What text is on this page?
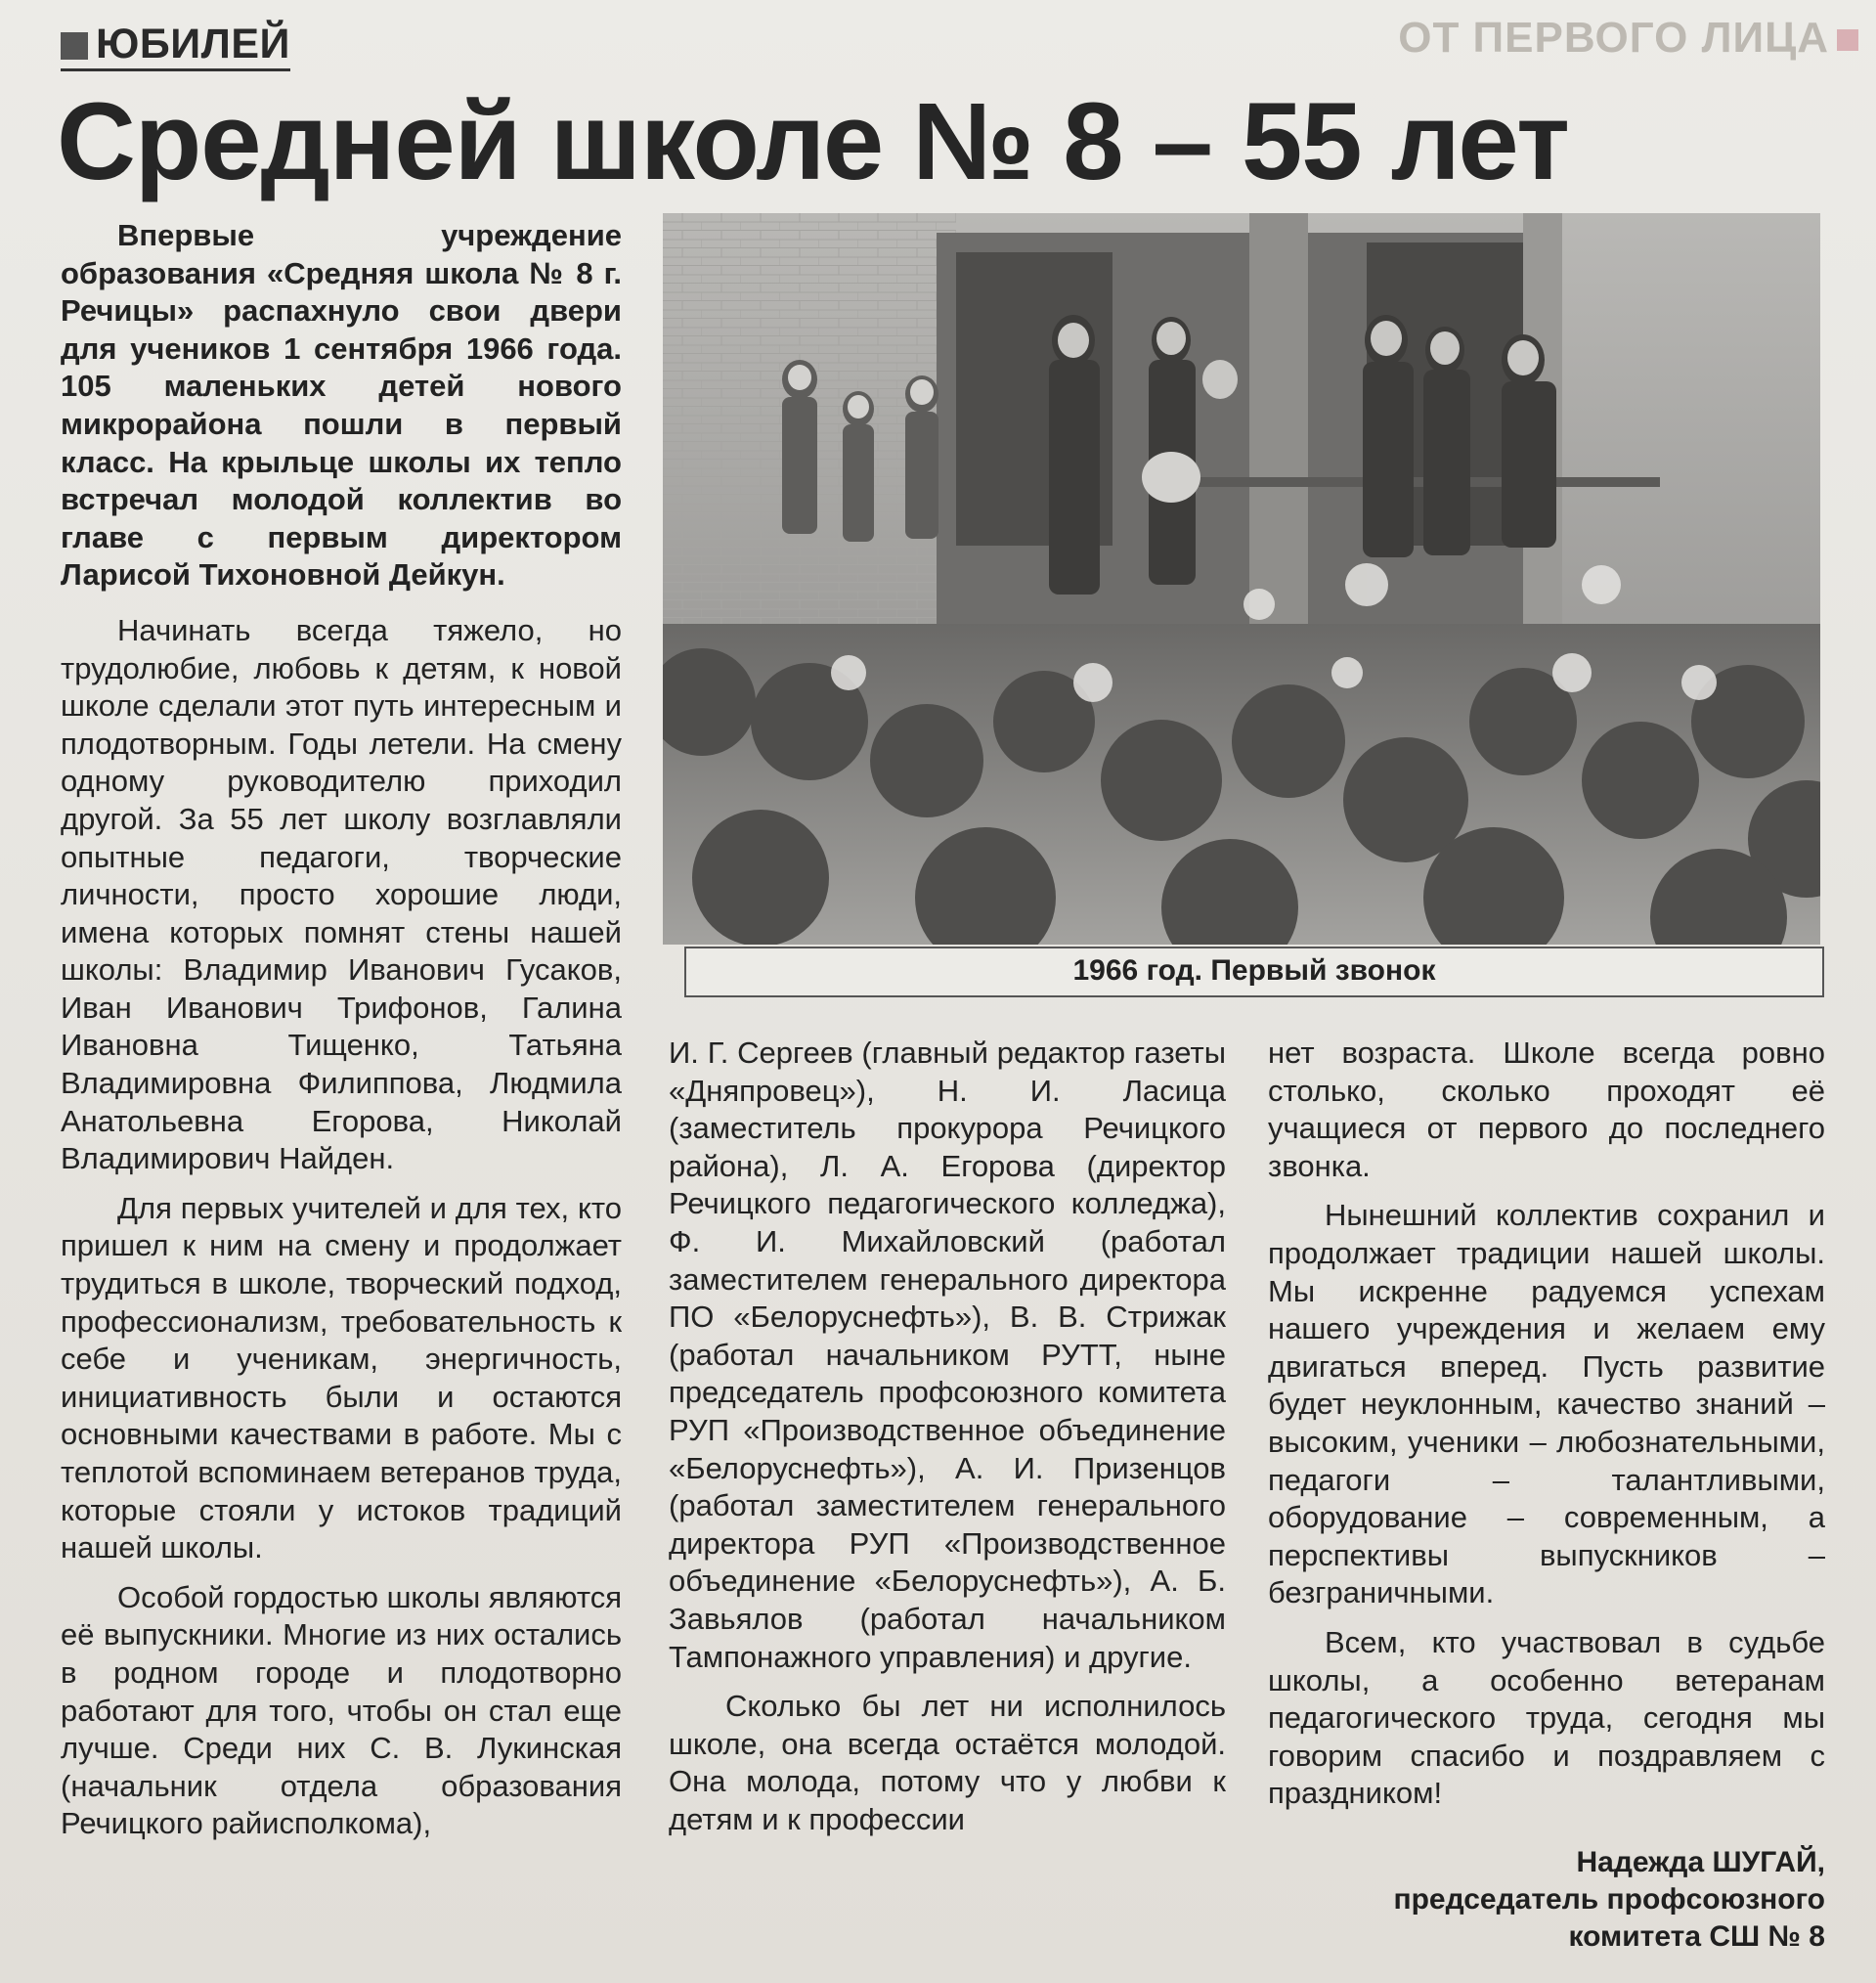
ОТ ПЕРВОГО ЛИЦА
ЮБИЛЕЙ
Средней школе № 8 – 55 лет

Впервые учреждение образования «Средняя школа № 8 г. Речицы» распахнуло свои двери для учеников 1 сентября 1966 года. 105 маленьких детей нового микрорайона пошли в первый класс. На крыльце школы их тепло встречал молодой коллектив во главе с первым директором Ларисой Тихоновной Дейкун.

Начинать всегда тяжело, но трудолюбие, любовь к детям, к новой школе сделали этот путь интересным и плодотворным. Годы летели. На смену одному руководителю приходил другой. За 55 лет школу возглавляли опытные педагоги, творческие личности, просто хорошие люди, имена которых помнят стены нашей школы: Владимир Иванович Гусаков, Иван Иванович Трифонов, Галина Ивановна Тищенко, Татьяна Владимировна Филиппова, Людмила Анатольевна Егорова, Николай Владимирович Найден.

Для первых учителей и для тех, кто пришел к ним на смену и продолжает трудиться в школе, творческий подход, профессионализм, требовательность к себе и ученикам, энергичность, инициативность были и остаются основными качествами в работе. Мы с теплотой вспоминаем ветеранов труда, которые стояли у истоков традиций нашей школы.

Особой гордостью школы являются её выпускники. Многие из них остались в родном городе и плодотворно работают для того, чтобы он стал еще лучше. Среди них С. В. Лукинская (начальник отдела образования Речицкого райисполкома),

1966 год. Первый звонок

И. Г. Сергеев (главный редактор газеты «Дняпровец»), Н. И. Ласица (заместитель прокурора Речицкого района), Л. А. Егорова (директор Речицкого педагогического колледжа), Ф. И. Михайловский (работал заместителем генерального директора ПО «Белоруснефть»), В. В. Стрижак (работал начальником РУТТ, ныне председатель профсоюзного комитета РУП «Производственное объединение «Белоруснефть»), А. И. Призенцов (работал заместителем генерального директора РУП «Производственное объединение «Белоруснефть»), А. Б. Завьялов (работал начальником Тампонажного управления) и другие.

Сколько бы лет ни исполнилось школе, она всегда остаётся молодой. Она молода, потому что у любви к детям и к профессии

нет возраста. Школе всегда ровно столько, сколько проходят её учащиеся от первого до последнего звонка.

Нынешний коллектив сохранил и продолжает традиции нашей школы. Мы искренне радуемся успехам нашего учреждения и желаем ему двигаться вперед. Пусть развитие будет неуклонным, качество знаний – высоким, ученики – любознательными, педагоги – талантливыми, оборудование – современным, а перспективы выпускников – безграничными.

Всем, кто участвовал в судьбе школы, а особенно ветеранам педагогического труда, сегодня мы говорим спасибо и поздравляем с праздником!

Надежда ШУГАЙ,
председатель профсоюзного
комитета СШ № 8
